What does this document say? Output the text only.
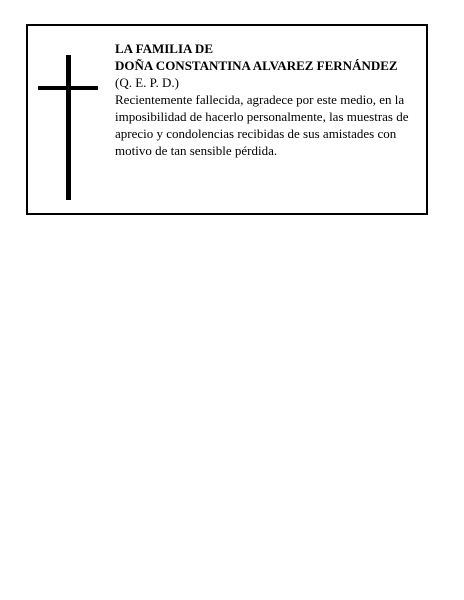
LA FAMILIA DE
DOÑA CONSTANTINA ALVAREZ FERNÁNDEZ
(Q. E. P. D.)
Recientemente fallecida, agradece por este medio, en la imposibilidad de hacerlo personalmente, las muestras de aprecio y condolencias recibidas de sus amistades con motivo de tan sensible pérdida.
